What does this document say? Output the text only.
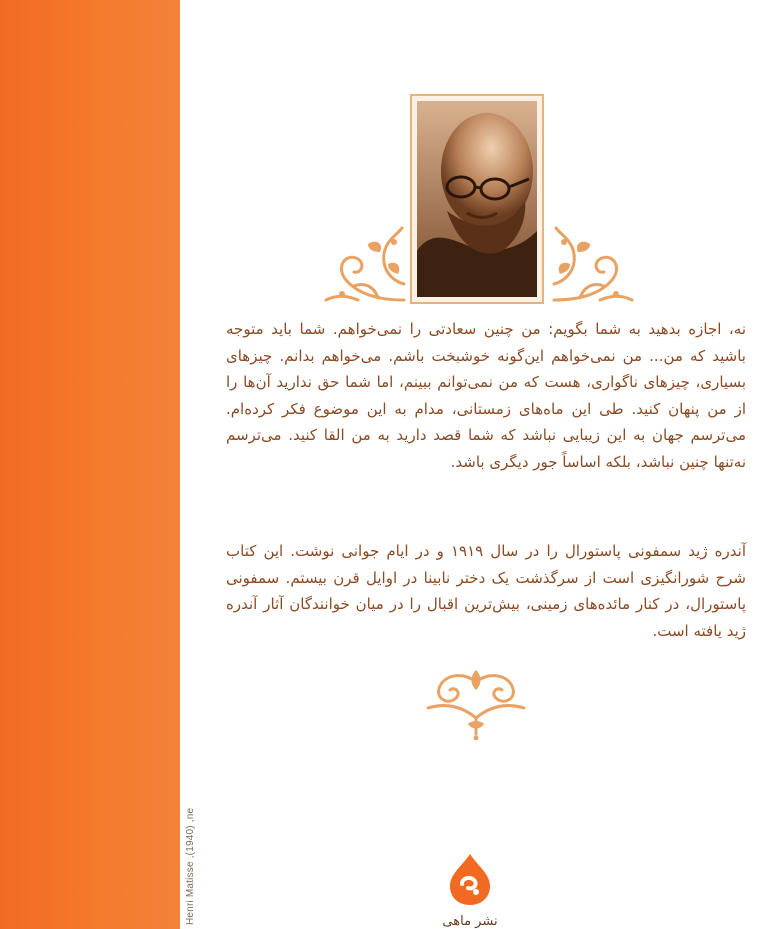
Henri Matisse ,(1940) ,ne
نه، اجازه بدهید به شما بگویم: من چنین سعادتی را نمی‌خواهم. شما باید متوجه باشید که من... من نمی‌خواهم این‌گونه خوشبخت باشم. می‌خواهم بدانم. چیزهای بسیاری، چیزهای ناگواری، هست که من نمی‌توانم ببینم، اما شما حق ندارید آن‌ها را از من پنهان کنید. طی این ماه‌های زمستانی، مدام به این موضوع فکر کرده‌ام. می‌ترسم جهان به این زیبایی نباشد که شما قصد دارید به من القا کنید. می‌ترسم نه‌تنها چنین نباشد، بلکه اساساً جور دیگری باشد.
آندره ژید سمفونی پاستورال را در سال ۱۹۱۹ و در ایام جوانی نوشت. این کتاب شرح شورانگیزی است از سرگذشت یک دختر نابینا در اوایل قرن بیستم. سمفونی پاستورال، در کنار مائده‌های زمینی، بیش‌ترین اقبال را در میان خوانندگان آثار آندره ژید یافته است.
نشر ماهی
